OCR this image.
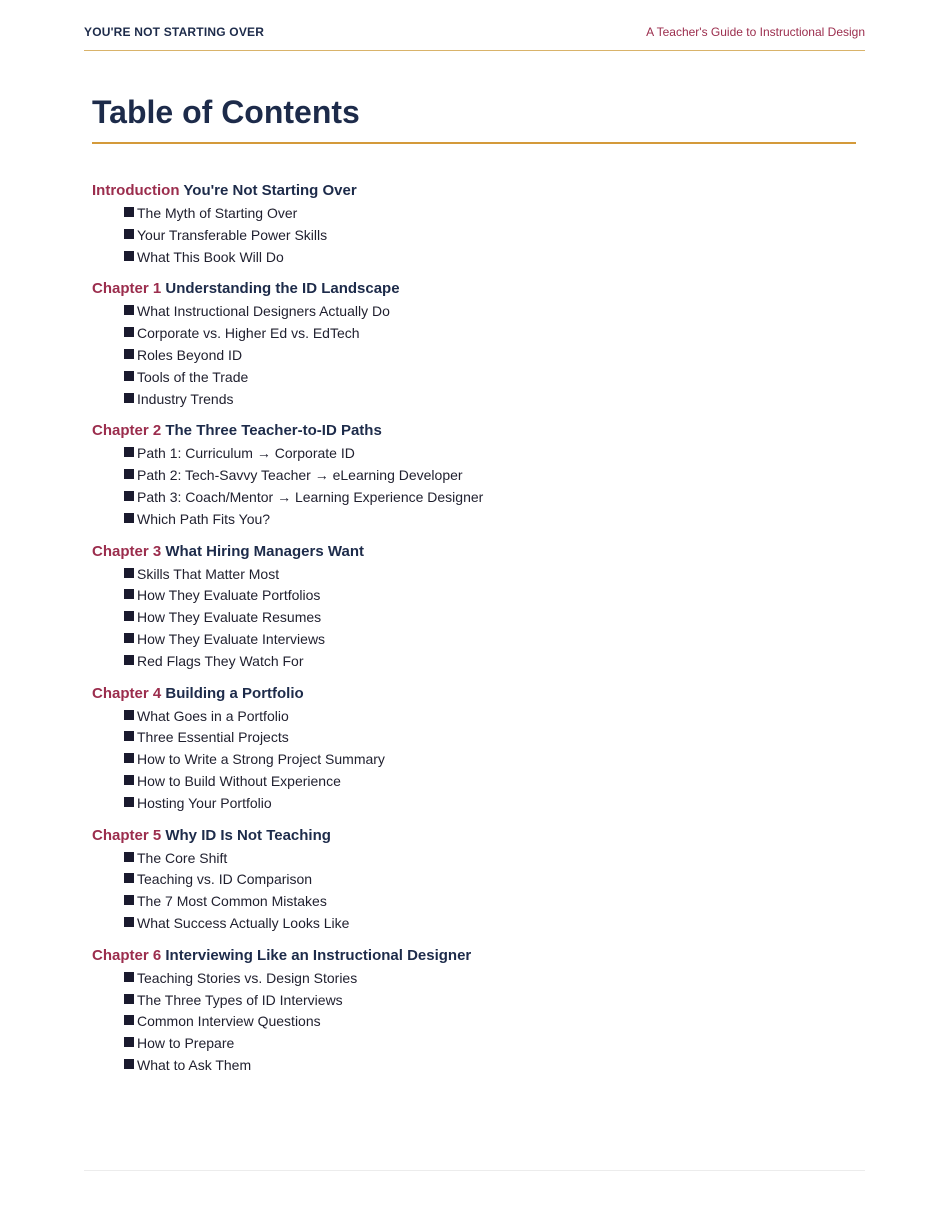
YOU'RE NOT STARTING OVER	A Teacher's Guide to Instructional Design
Table of Contents
Introduction You're Not Starting Over
The Myth of Starting Over
Your Transferable Power Skills
What This Book Will Do
Chapter 1 Understanding the ID Landscape
What Instructional Designers Actually Do
Corporate vs. Higher Ed vs. EdTech
Roles Beyond ID
Tools of the Trade
Industry Trends
Chapter 2 The Three Teacher-to-ID Paths
Path 1: Curriculum → Corporate ID
Path 2: Tech-Savvy Teacher → eLearning Developer
Path 3: Coach/Mentor → Learning Experience Designer
Which Path Fits You?
Chapter 3 What Hiring Managers Want
Skills That Matter Most
How They Evaluate Portfolios
How They Evaluate Resumes
How They Evaluate Interviews
Red Flags They Watch For
Chapter 4 Building a Portfolio
What Goes in a Portfolio
Three Essential Projects
How to Write a Strong Project Summary
How to Build Without Experience
Hosting Your Portfolio
Chapter 5 Why ID Is Not Teaching
The Core Shift
Teaching vs. ID Comparison
The 7 Most Common Mistakes
What Success Actually Looks Like
Chapter 6 Interviewing Like an Instructional Designer
Teaching Stories vs. Design Stories
The Three Types of ID Interviews
Common Interview Questions
How to Prepare
What to Ask Them
